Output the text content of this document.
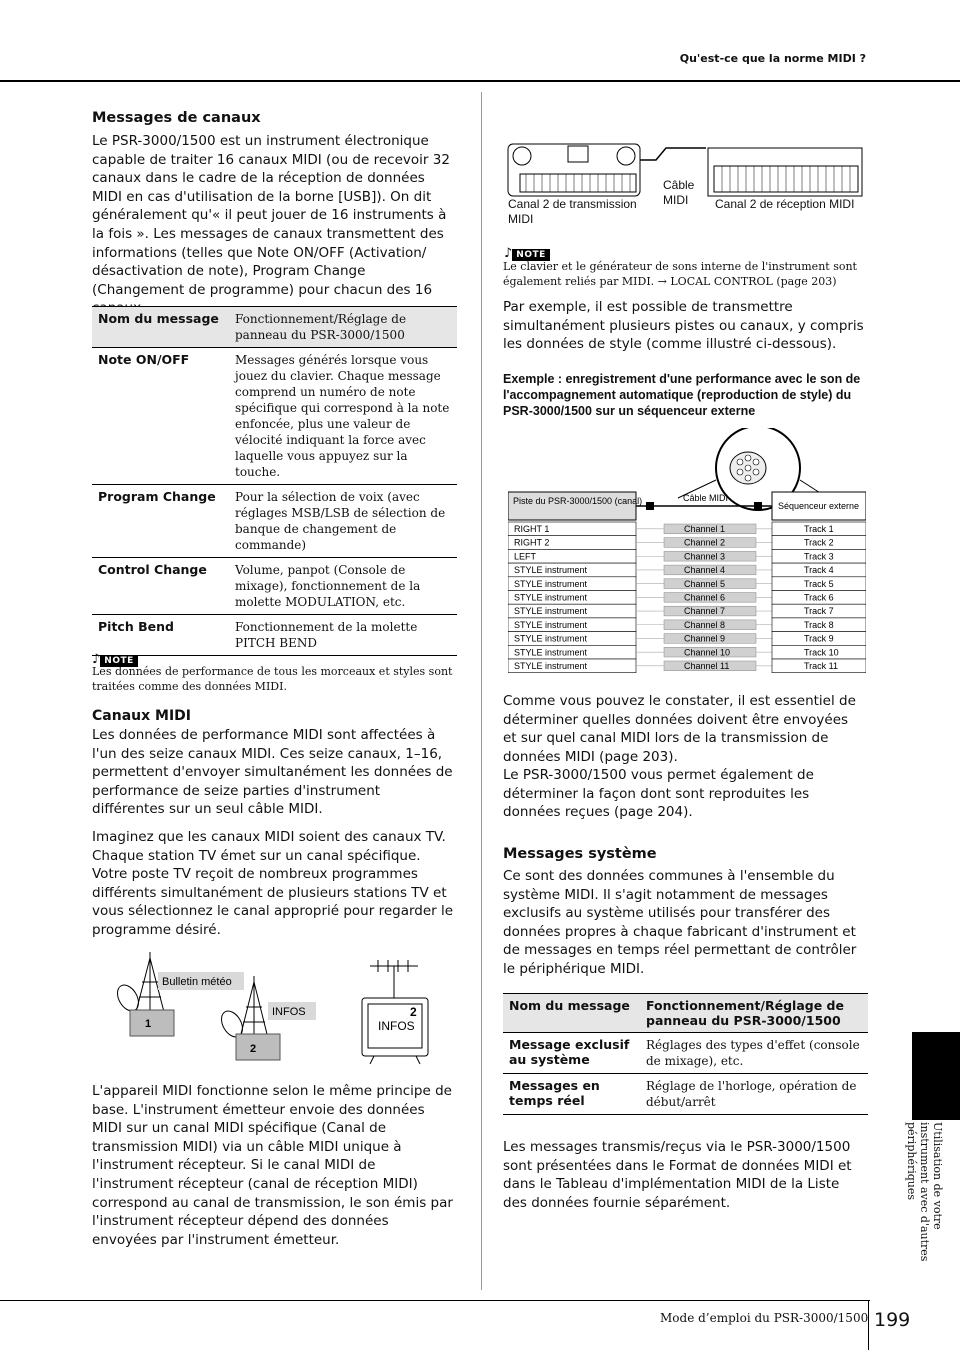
Qu'est-ce que la norme MIDI ?
Messages de canaux

Le PSR-3000/1500 est un instrument électronique capable de traiter 16 canaux MIDI (ou de recevoir 32 canaux dans le cadre de la réception de données MIDI en cas d'utilisation de la borne [USB]). On dit généralement qu'« il peut jouer de 16 instruments à la fois ». Les messages de canaux transmettent des informations (telles que Note ON/OFF (Activation/ désactivation de note), Program Change (Changement de programme) pour chacun des 16 canaux.

Nom du message	Fonctionnement/Réglage de panneau du PSR-3000/1500
Note ON/OFF	Messages générés lorsque vous jouez du clavier. Chaque message comprend un numéro de note spécifique qui correspond à la note enfoncée, plus une valeur de vélocité indiquant la force avec laquelle vous appuyez sur la touche.
Program Change	Pour la sélection de voix (avec réglages MSB/LSB de sélection de banque de changement de commande)
Control Change	Volume, panpot (Console de mixage), fonctionnement de la molette MODULATION, etc.
Pitch Bend	Fonctionnement de la molette PITCH BEND
♪ NOTE

Les données de performance de tous les morceaux et styles sont traitées comme des données MIDI.

Canaux MIDI

Les données de performance MIDI sont affectées à l'un des seize canaux MIDI. Ces seize canaux, 1–16, permettent d'envoyer simultanément les données de performance de seize parties d'instrument différentes sur un seul câble MIDI.

Imaginez que les canaux MIDI soient des canaux TV. Chaque station TV émet sur un canal spécifique. Votre poste TV reçoit de nombreux programmes différents simultanément de plusieurs stations TV et vous sélectionnez le canal approprié pour regarder le programme désiré.

1
Bulletin météo
2
INFOS	2
INFOS

L'appareil MIDI fonctionne selon le même principe de base. L'instrument émetteur envoie des données MIDI sur un canal MIDI spécifique (Canal de transmission MIDI) via un câble MIDI unique à l'instrument récepteur. Si le canal MIDI de l'instrument récepteur (canal de réception MIDI) correspond au canal de transmission, le son émis par l'instrument récepteur dépend des données envoyées par l'instrument émetteur.

Canal 2 de transmission MIDI
Câble MIDI	Canal 2 de réception MIDI
♪ NOTE

Le clavier et le générateur de sons interne de l'instrument sont également reliés par MIDI. → LOCAL CONTROL (page 203)

Par exemple, il est possible de transmettre simultanément plusieurs pistes ou canaux, y compris les données de style (comme illustré ci-dessous).

Exemple : enregistrement d'une performance avec le son de l'accompagnement automatique (reproduction de style) du PSR-3000/1500 sur un séquenceur externe

Piste du PSR-3000/1500 (canal)	Séquenceur externe
Câble MIDI
RIGHT 1	Channel 1	Track 1
RIGHT 2	Channel 2	Track 2
LEFT	Channel 3	Track 3
STYLE instrument	Channel 4	Track 4
STYLE instrument	Channel 5	Track 5
STYLE instrument	Channel 6	Track 6
STYLE instrument	Channel 7	Track 7
STYLE instrument	Channel 8	Track 8
STYLE instrument	Channel 9	Track 9
STYLE instrument	Channel 10	Track 10
STYLE instrument	Channel 11	Track 11

Comme vous pouvez le constater, il est essentiel de déterminer quelles données doivent être envoyées et sur quel canal MIDI lors de la transmission de données MIDI (page 203).

Le PSR-3000/1500 vous permet également de déterminer la façon dont sont reproduites les données reçues (page 204).

Messages système

Ce sont des données communes à l'ensemble du système MIDI. Il s'agit notamment de messages exclusifs au système utilisés pour transférer des données propres à chaque fabricant d'instrument et de messages en temps réel permettant de contrôler le périphérique MIDI.

Nom du message	Fonctionnement/Réglage de panneau du PSR-3000/1500
Message exclusif au système	Réglages des types d'effet (console de mixage), etc.
Messages en temps réel	Réglage de l'horloge, opération de début/arrêt

Les messages transmis/reçus via le PSR-3000/1500 sont présentées dans le Format de données MIDI et dans le Tableau d'implémentation MIDI de la Liste des données fournie séparément.	Utilisation de votre instrument avec d'autres périphériques
Mode d’emploi du PSR-3000/1500 199
